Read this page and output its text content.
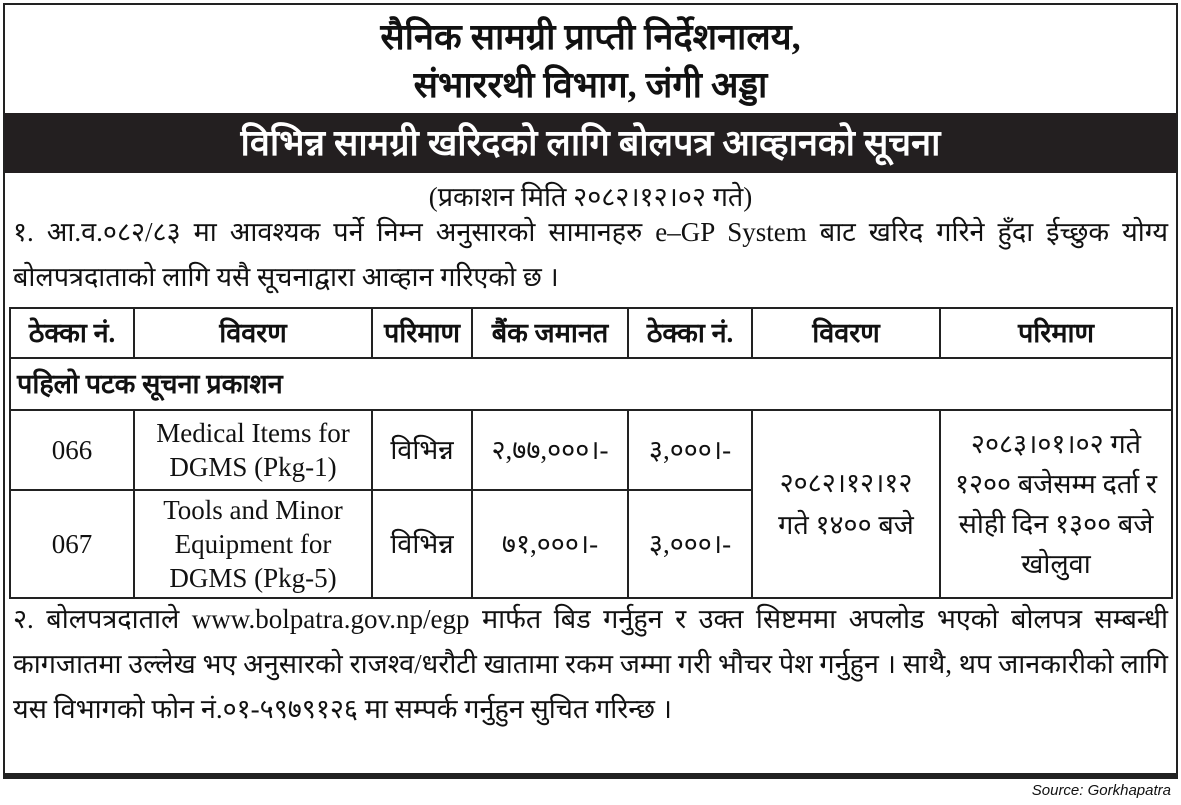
सैनिक सामग्री प्राप्ती निर्देशनालय,
संभाररथी विभाग, जंगी अड्डा
विभिन्न सामग्री खरिदको लागि बोलपत्र आव्हानको सूचना
(प्रकाशन मिति २०८२।१२।०२ गते)
१. आ.व.०८२/८३ मा आवश्यक पर्ने निम्न अनुसारको सामानहरु e–GP System बाट खरिद गरिने हुँदा ईच्छुक योग्य बोलपत्रदाताको लागि यसै सूचनाद्वारा आव्हान गरिएको छ ।
ठेक्का नं.	विवरण	परिमाण	बैंक जमानत	ठेक्का नं.	विवरण	परिमाण
पहिलो पटक सूचना प्रकाशन						
066	Medical Items for DGMS (Pkg-1)	विभिन्न	२,७७,०००।-	३,०००।-	२०८२।१२।१२ गते १४०० बजे	२०८३।०१।०२ गते १२०० बजेसम्म दर्ता र सोही दिन १३०० बजे खोलुवा
067	Tools and Minor Equipment for DGMS (Pkg-5)	विभिन्न	७१,०००।-	३,०००।-		
२. बोलपत्रदाताले www.bolpatra.gov.np/egp मार्फत बिड गर्नुहुन र उक्त सिष्टममा अपलोड भएको बोलपत्र सम्बन्धी कागजातमा उल्लेख भए अनुसारको राजश्व/धरौटी खातामा रकम जम्मा गरी भौचर पेश गर्नुहुन । साथै, थप जानकारीको लागि यस विभागको फोन नं.०१-५९७९१२६ मा सम्पर्क गर्नुहुन सुचित गरिन्छ ।
Source: Gorkhapatra
